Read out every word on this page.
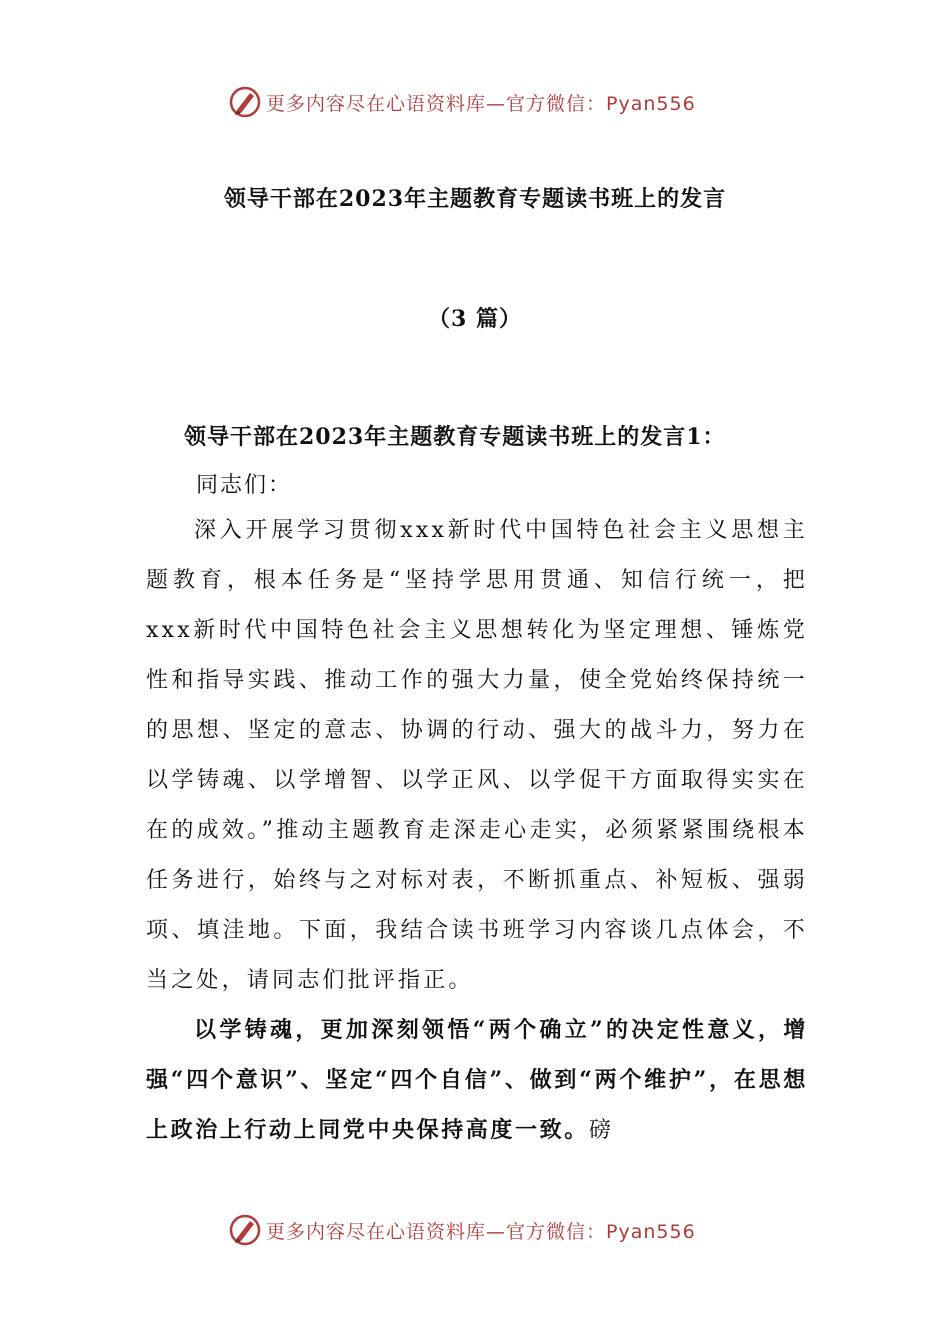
更多内容尽在心语资料库—官方微信：Pyan556
领导干部在2023年主题教育专题读书班上的发言
（3 篇）
领导干部在2023年主题教育专题读书班上的发言1：
同志们：

深入开展学习贯彻xxx新时代中国特色社会主义思想主题教育，根本任务是“坚持学思用贯通、知信行统一，把xxx新时代中国特色社会主义思想转化为坚定理想、锤炼党性和指导实践、推动工作的强大力量，使全党始终保持统一的思想、坚定的意志、协调的行动、强大的战斗力，努力在以学铸魂、以学增智、以学正风、以学促干方面取得实实在在的成效。”推动主题教育走深走心走实，必须紧紧围绕根本任务进行，始终与之对标对表，不断抓重点、补短板、强弱项、填洼地。下面，我结合读书班学习内容谈几点体会，不当之处，请同志们批评指正。

以学铸魂，更加深刻领悟“两个确立”的决定性意义，增强“四个意识”、坚定“四个自信”、做到“两个维护”，在思想上政治上行动上同党中央保持高度一致。磅

更多内容尽在心语资料库—官方微信：Pyan556
